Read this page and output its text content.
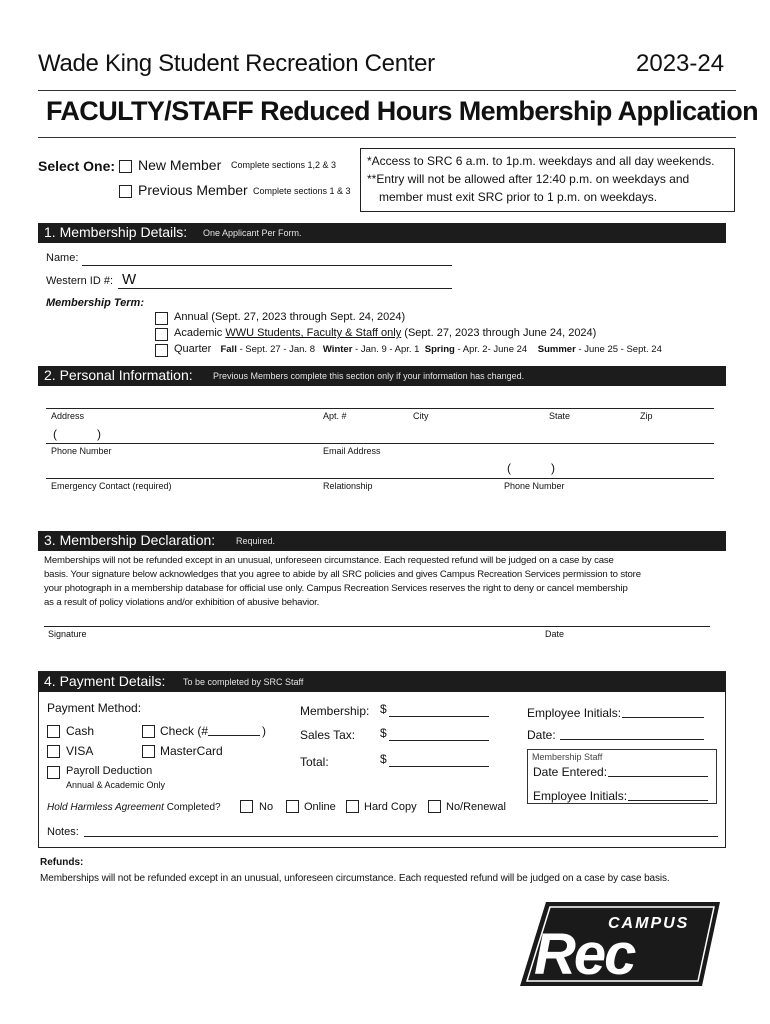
Wade King Student Recreation Center	2023-24
FACULTY/STAFF Reduced Hours Membership Application
Select One: New Member Complete sections 1,2 & 3
Previous Member Complete sections 1 & 3
*Access to SRC 6 a.m. to 1p.m. weekdays and all day weekends.
**Entry will not be allowed after 12:40 p.m. on weekdays and
member must exit SRC prior to 1 p.m. on weekdays.
1. Membership Details: One Applicant Per Form.
Name:
Western ID #: W
Membership Term:
Annual (Sept. 27, 2023 through Sept. 24, 2024)
Academic WWU Students, Faculty & Staff only (Sept. 27, 2023 through June 24, 2024)
Quarter Fall - Sept. 27 - Jan. 8 Winter - Jan. 9 - Apr. 1 Spring - Apr. 2- June 24 Summer - June 25 - Sept. 24
2. Personal Information: Previous Members complete this section only if your information has changed.
Address	Apt. #	City	State	Zip
(	)
Phone Number	Email Address
(	)
Emergency Contact (required)	Relationship	Phone Number
3. Membership Declaration: Required.
Memberships will not be refunded except in an unusual, unforeseen circumstance. Each requested refund will be judged on a case by case
basis. Your signature below acknowledges that you agree to abide by all SRC policies and gives Campus Recreation Services permission to store
your photograph in a membership database for official use only. Campus Recreation Services reserves the right to deny or cancel membership
as a result of policy violations and/or exhibition of abusive behavior.
Signature	Date
4. Payment Details: To be completed by SRC Staff
Payment Method:
Cash	Check (#	)
VISA	MasterCard
Payroll Deduction
Annual & Academic Only
Membership: $
Sales Tax: $
Total:	$
Employee Initials:
Date:
Membership Staff
Date Entered:
Employee Initials:
Hold Harmless Agreement Completed?	No	Online	Hard Copy	No/Renewal
Notes:
Refunds:
Memberships will not be refunded except in an unusual, unforeseen circumstance. Each requested refund will be judged on a case by case basis.
CAMPUS
Rec
